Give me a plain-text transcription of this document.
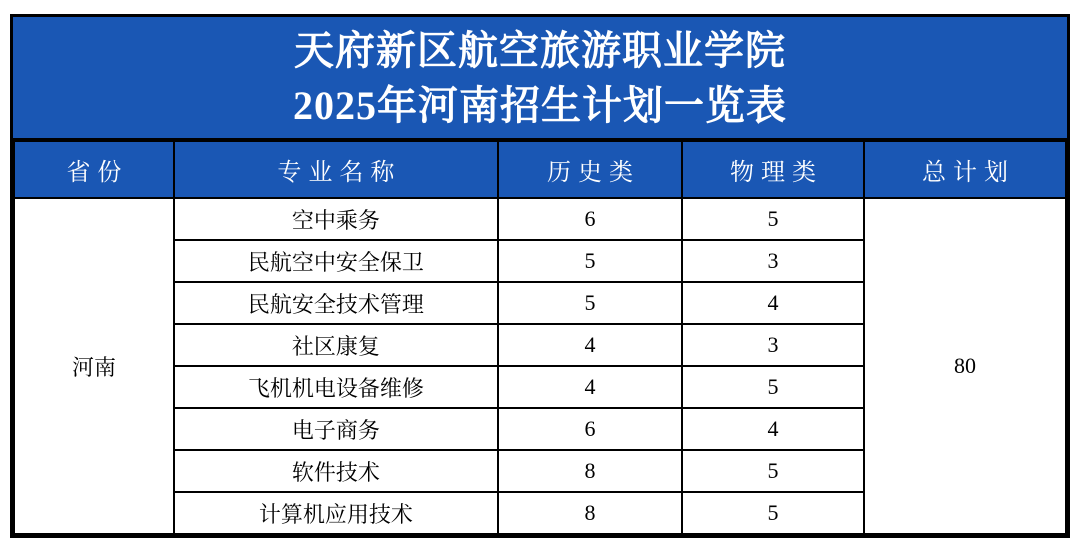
天府新区航空旅游职业学院
2025年河南招生计划一览表
省份	专业名称	历史类	物理类	总计划
河南	空中乘务	6	5	80
	民航空中安全保卫	5	3	
	民航安全技术管理	5	4	
	社区康复	4	3	
	飞机机电设备维修	4	5	
	电子商务	6	4	
	软件技术	8	5	
	计算机应用技术	8	5	
